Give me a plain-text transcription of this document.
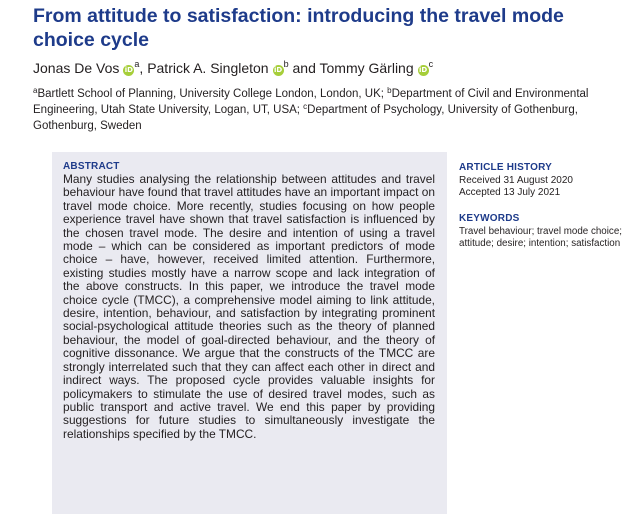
From attitude to satisfaction: introducing the travel mode choice cycle
Jonas De Vos $iD^a$, Patrick A. Singleton $iD^b$ and Tommy Gärling $iD^c$

$^a$Bartlett School of Planning, University College London, London, UK; $^b$Department of Civil and Environmental Engineering, Utah State University, Logan, UT, USA; $^c$Department of Psychology, University of Gothenburg, Gothenburg, Sweden

ABSTRACT

Many studies analysing the relationship between attitudes and travel behaviour have found that travel attitudes have an important impact on travel mode choice. More recently, studies focusing on how people experience travel have shown that travel satisfaction is influenced by the chosen travel mode. The desire and intention of using a travel mode – which can be considered as important predictors of mode choice – have, however, received limited attention. Furthermore, existing studies mostly have a narrow scope and lack integration of the above constructs. In this paper, we introduce the travel mode choice cycle (TMCC), a comprehensive model aiming to link attitude, desire, intention, behaviour, and satisfaction by integrating prominent social-psychological attitude theories such as the theory of planned behaviour, the model of goal-directed behaviour, and the theory of cognitive dissonance. We argue that the constructs of the TMCC are strongly interrelated such that they can affect each other in direct and indirect ways. The proposed cycle provides valuable insights for policymakers to stimulate the use of desired travel modes, such as public transport and active travel. We end this paper by providing suggestions for future studies to simultaneously investigate the relationships specified by the TMCC.

ARTICLE HISTORY

Received 31 August 2020

Accepted 13 July 2021

KEYWORDS

Travel behaviour; travel mode choice; attitude; desire; intention; satisfaction
